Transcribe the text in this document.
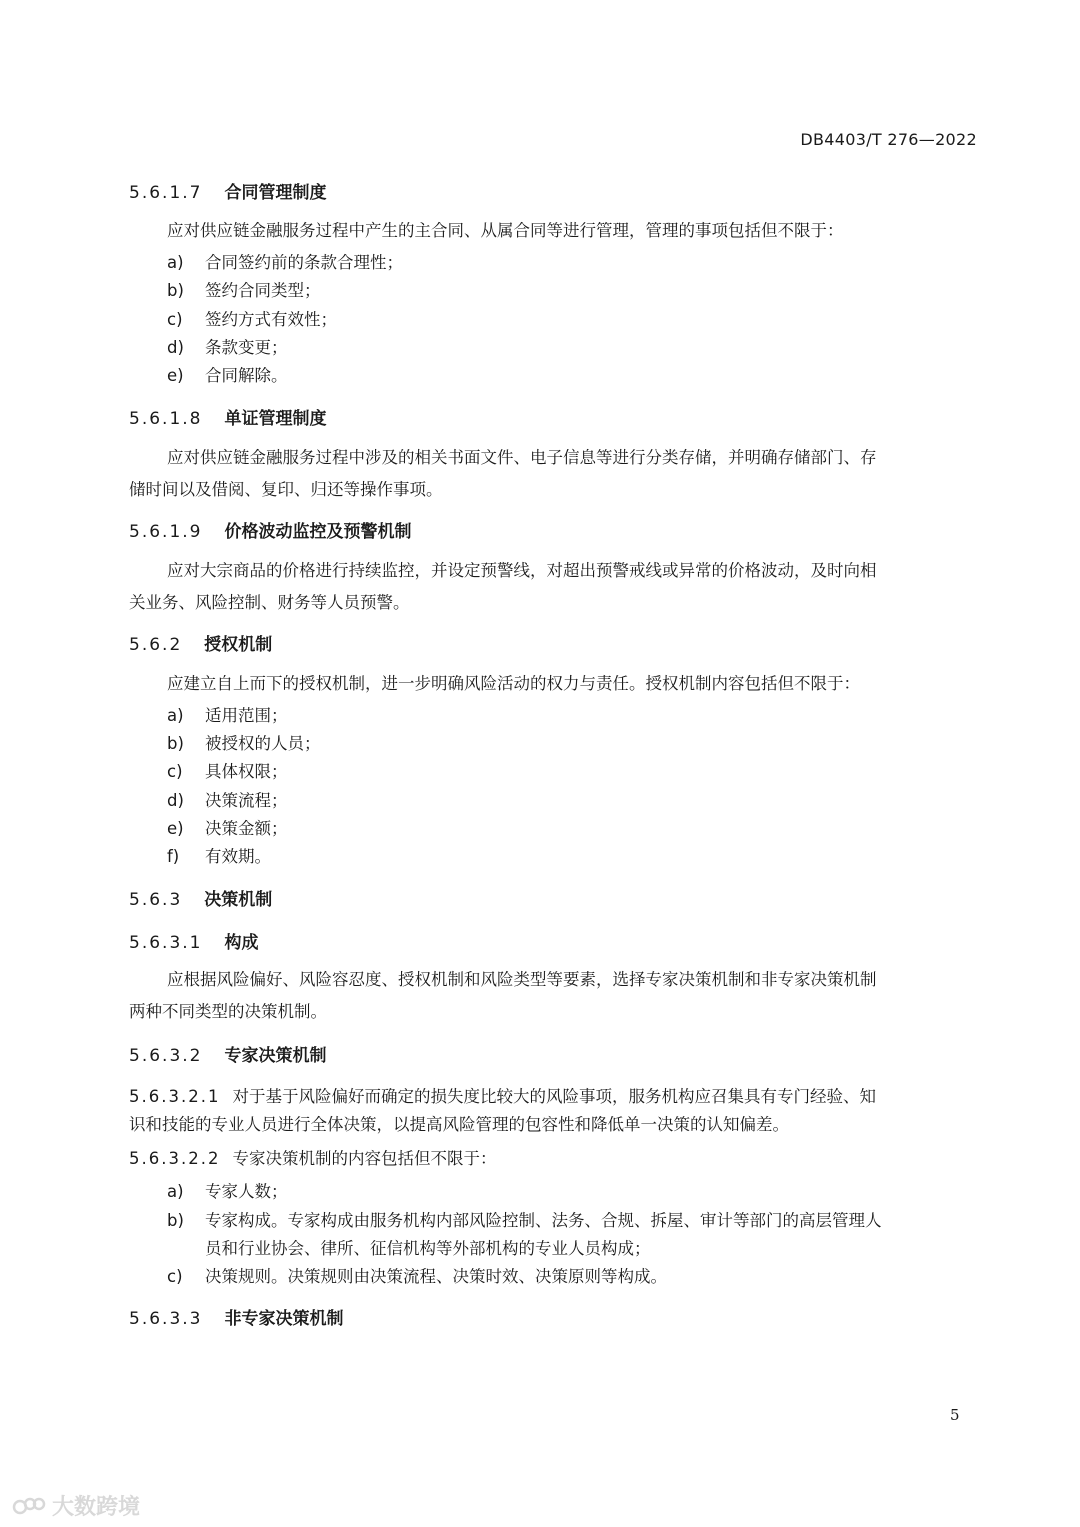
DB4403/T 276—2022
5.6.1.7 合同管理制度
应对供应链金融服务过程中产生的主合同、从属合同等进行管理，管理的事项包括但不限于：
a) 合同签约前的条款合理性；
b) 签约合同类型；
c) 签约方式有效性；
d) 条款变更；
e) 合同解除。
5.6.1.8 单证管理制度
应对供应链金融服务过程中涉及的相关书面文件、电子信息等进行分类存储，并明确存储部门、存
储时间以及借阅、复印、归还等操作事项。
5.6.1.9 价格波动监控及预警机制
应对大宗商品的价格进行持续监控，并设定预警线，对超出预警戒线或异常的价格波动，及时向相
关业务、风险控制、财务等人员预警。
5.6.2 授权机制
应建立自上而下的授权机制，进一步明确风险活动的权力与责任。授权机制内容包括但不限于：
a) 适用范围；
b) 被授权的人员；
c) 具体权限；
d) 决策流程；
e) 决策金额；
f) 有效期。
5.6.3 决策机制
5.6.3.1 构成
应根据风险偏好、风险容忍度、授权机制和风险类型等要素，选择专家决策机制和非专家决策机制
两种不同类型的决策机制。
5.6.3.2 专家决策机制
5.6.3.2.1 对于基于风险偏好而确定的损失度比较大的风险事项，服务机构应召集具有专门经验、知
识和技能的专业人员进行全体决策，以提高风险管理的包容性和降低单一决策的认知偏差。
5.6.3.2.2 专家决策机制的内容包括但不限于：
a) 专家人数；
b) 专家构成。专家构成由服务机构内部风险控制、法务、合规、拆屋、审计等部门的高层管理人
员和行业协会、律所、征信机构等外部机构的专业人员构成；
c) 决策规则。决策规则由决策流程、决策时效、决策原则等构成。
5.6.3.3 非专家决策机制
5
大数跨境
